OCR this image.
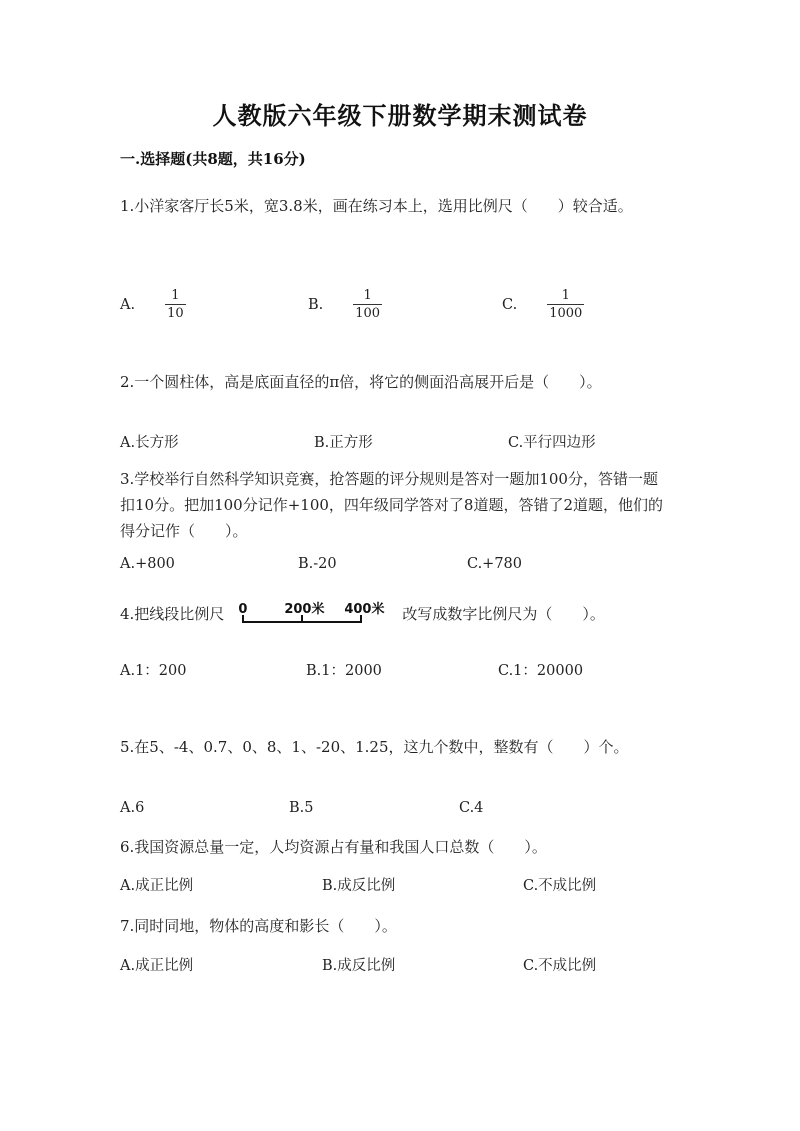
人教版六年级下册数学期末测试卷
一.选择题(共8题，共16分)
1.小洋家客厅长5米，宽3.8米，画在练习本上，选用比例尺（　　）较合适。
A. $\frac{1}{10}$	B. $\frac{1}{100}$	C. $\frac{1}{1000}$
2.一个圆柱体，高是底面直径的π倍，将它的侧面沿高展开后是（　　）。
A.长方形	B.正方形	C.平行四边形
3.学校举行自然科学知识竞赛，抢答题的评分规则是答对一题加100分，答错一题扣10分。把加100分记作+100，四年级同学答对了8道题，答错了2道题，他们的得分记作（　　）。
A.+800	B.-20	C.+780
4.把线段比例尺 0	200米 400米 改写成数字比例尺为（　　）。
A.1：200	B.1：2000	C.1：20000
5.在5、-4、0.7、0、8、1、-20、1.25，这九个数中，整数有（　　）个。
A.6	B.5	C.4
6.我国资源总量一定，人均资源占有量和我国人口总数（　　）。
A.成正比例	B.成反比例	C.不成比例
7.同时同地，物体的高度和影长（　　）。
A.成正比例	B.成反比例	C.不成比例
